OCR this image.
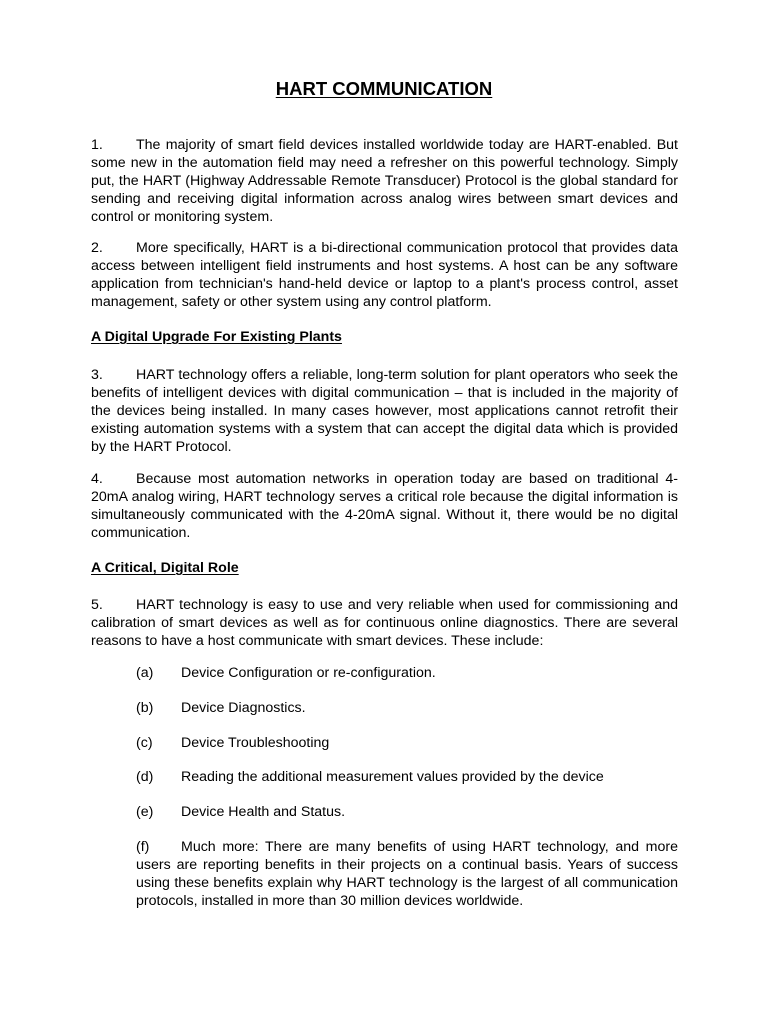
HART COMMUNICATION

1. The majority of smart field devices installed worldwide today are HART-enabled. But some new in the automation field may need a refresher on this powerful technology. Simply put, the HART (Highway Addressable Remote Transducer) Protocol is the global standard for sending and receiving digital information across analog wires between smart devices and control or monitoring system.

2. More specifically, HART is a bi-directional communication protocol that provides data access between intelligent field instruments and host systems. A host can be any software application from technician's hand-held device or laptop to a plant's process control, asset management, safety or other system using any control platform.

A Digital Upgrade For Existing Plants

3. HART technology offers a reliable, long-term solution for plant operators who seek the benefits of intelligent devices with digital communication – that is included in the majority of the devices being installed. In many cases however, most applications cannot retrofit their existing automation systems with a system that can accept the digital data which is provided by the HART Protocol.

4. Because most automation networks in operation today are based on traditional 4-20mA analog wiring, HART technology serves a critical role because the digital information is simultaneously communicated with the 4-20mA signal. Without it, there would be no digital communication.

A Critical, Digital Role

5. HART technology is easy to use and very reliable when used for commissioning and calibration of smart devices as well as for continuous online diagnostics. There are several reasons to have a host communicate with smart devices. These include:

(a) Device Configuration or re-configuration.

(b) Device Diagnostics.

(c) Device Troubleshooting

(d) Reading the additional measurement values provided by the device

(e) Device Health and Status.

(f) Much more: There are many benefits of using HART technology, and more users are reporting benefits in their projects on a continual basis. Years of success using these benefits explain why HART technology is the largest of all communication protocols, installed in more than 30 million devices worldwide.
